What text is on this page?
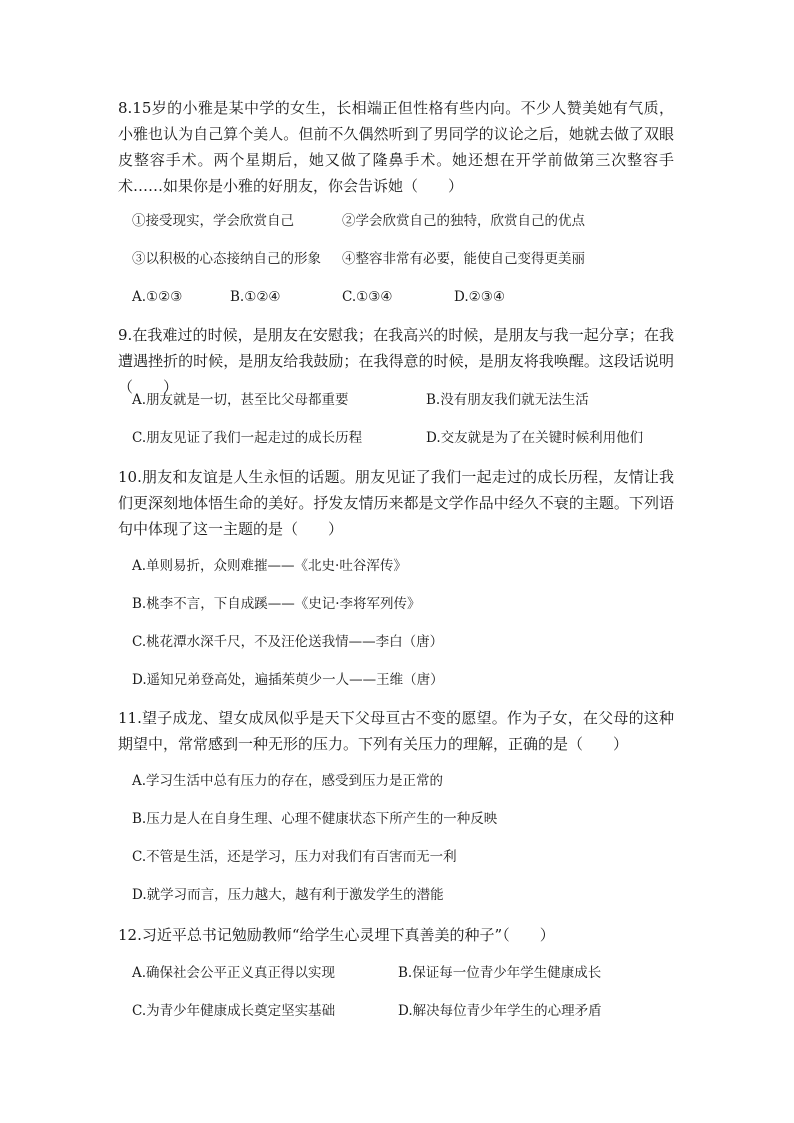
8.15岁的小雅是某中学的女生，长相端正但性格有些内向。不少人赞美她有气质，小雅也认为自己算个美人。但前不久偶然听到了男同学的议论之后，她就去做了双眼皮整容手术。两个星期后，她又做了隆鼻手术。她还想在开学前做第三次整容手术……如果你是小雅的好朋友，你会告诉她（　　）

①接受现实，学会欣赏自己	②学会欣赏自己的独特，欣赏自己的优点
③以积极的心态接纳自己的形象 ④整容非常有必要，能使自己变得更美丽
A.①②③	B.①②④	C.①③④	D.②③④

9.在我难过的时候，是朋友在安慰我；在我高兴的时候，是朋友与我一起分享；在我遭遇挫折的时候，是朋友给我鼓励；在我得意的时候，是朋友将我唤醒。这段话说明（　　）

A.朋友就是一切，甚至比父母都重要	B.没有朋友我们就无法生活
C.朋友见证了我们一起走过的成长历程	D.交友就是为了在关键时候利用他们

10.朋友和友谊是人生永恒的话题。朋友见证了我们一起走过的成长历程，友情让我们更深刻地体悟生命的美好。抒发友情历来都是文学作品中经久不衰的主题。下列语句中体现了这一主题的是（　　）

A.单则易折，众则难摧——《北史·吐谷浑传》
B.桃李不言，下自成蹊——《史记·李将军列传》
C.桃花潭水深千尺，不及汪伦送我情——李白（唐）
D.遥知兄弟登高处，遍插茱萸少一人——王维（唐）

11.望子成龙、望女成凤似乎是天下父母亘古不变的愿望。作为子女，在父母的这种期望中，常常感到一种无形的压力。下列有关压力的理解，正确的是（　　）

A.学习生活中总有压力的存在，感受到压力是正常的
B.压力是人在自身生理、心理不健康状态下所产生的一种反映
C.不管是生活，还是学习，压力对我们有百害而无一利
D.就学习而言，压力越大，越有利于激发学生的潜能

12.习近平总书记勉励教师“给学生心灵埋下真善美的种子”（　　）

A.确保社会公平正义真正得以实现	B.保证每一位青少年学生健康成长
C.为青少年健康成长奠定坚实基础	D.解决每位青少年学生的心理矛盾
